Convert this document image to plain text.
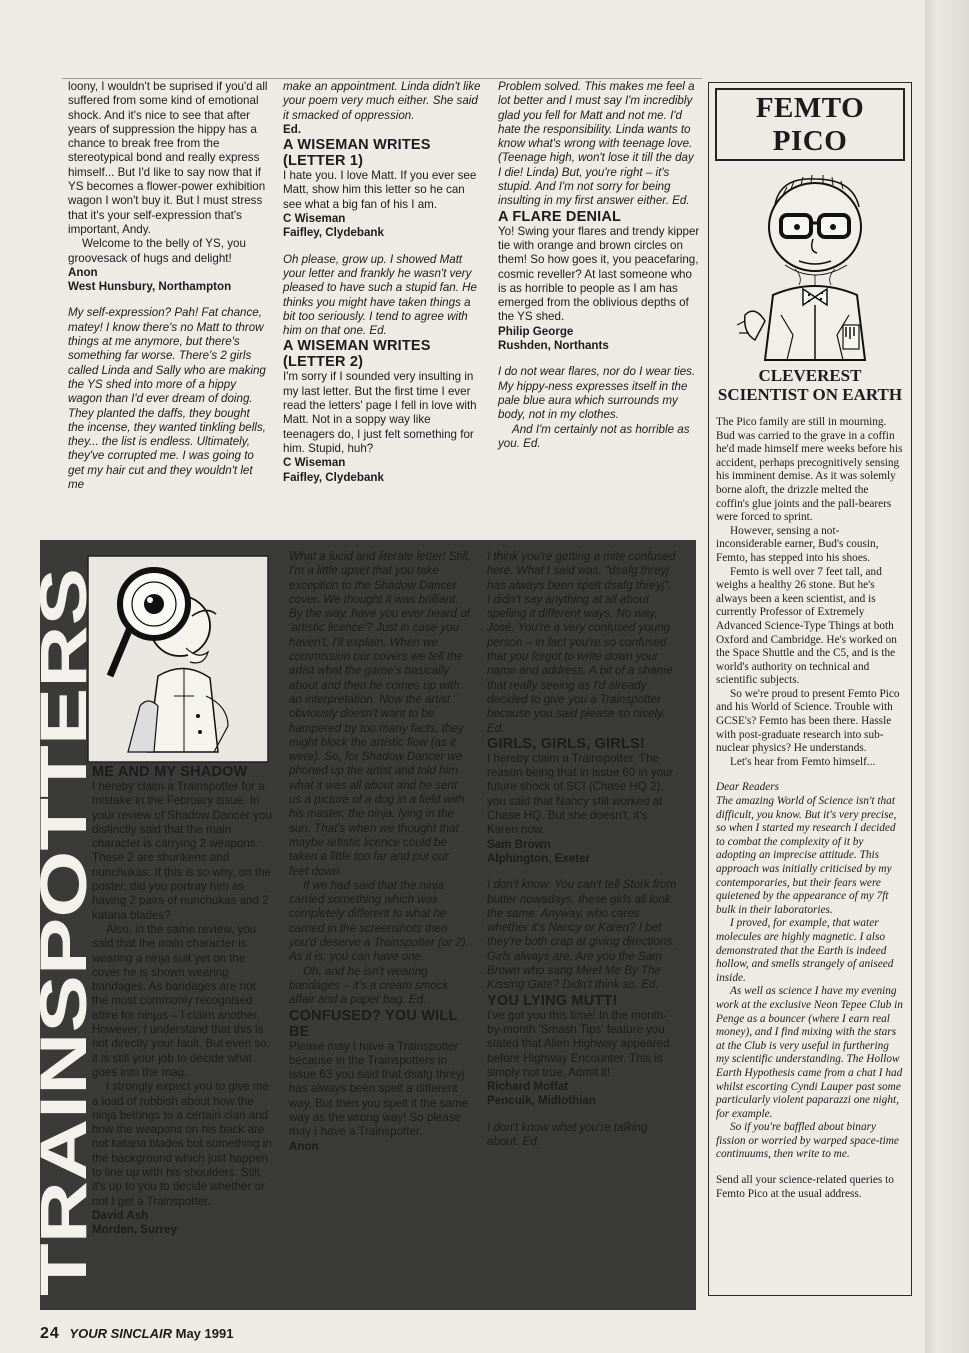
loony, I wouldn't be suprised if you'd all suffered from some kind of emotional shock. And it's nice to see that after years of suppression the hippy has a chance to break free from the stereotypical bond and really express himself... But I'd like to say now that if YS becomes a flower-power exhibition wagon I won't buy it. But I must stress that it's your self-expression that's important, Andy.

Welcome to the belly of YS, you groovesack of hugs and delight!

Anon

West Hunsbury, Northampton

My self-expression? Pah! Fat chance, matey! I know there's no Matt to throw things at me anymore, but there's something far worse. There's 2 girls called Linda and Sally who are making the YS shed into more of a hippy wagon than I'd ever dream of doing. They planted the daffs, they bought the incense, they wanted tinkling bells, they... the list is endless. Ultimately, they've corrupted me. I was going to get my hair cut and they wouldn't let me

make an appointment. Linda didn't like your poem very much either. She said it smacked of oppression.

Ed.

A WISEMAN WRITES (LETTER 1)

I hate you. I love Matt. If you ever see Matt, show him this letter so he can see what a big fan of his I am.

C Wiseman

Faifley, Clydebank

Oh please, grow up. I showed Matt your letter and frankly he wasn't very pleased to have such a stupid fan. He thinks you might have taken things a bit too seriously. I tend to agree with him on that one. Ed.

A WISEMAN WRITES (LETTER 2)

I'm sorry if I sounded very insulting in my last letter. But the first time I ever read the letters' page I fell in love with Matt. Not in a soppy way like teenagers do, I just felt something for him. Stupid, huh?

C Wiseman

Faifley, Clydebank

Problem solved. This makes me feel a lot better and I must say I'm incredibly glad you fell for Matt and not me. I'd hate the responsibility. Linda wants to know what's wrong with teenage love. (Teenage high, won't lose it till the day I die! Linda) But, you're right – it's stupid. And I'm not sorry for being insulting in my first answer either. Ed.

A FLARE DENIAL

Yo! Swing your flares and trendy kipper tie with orange and brown circles on them! So how goes it, you peacefaring, cosmic reveller? At last someone who is as horrible to people as I am has emerged from the oblivious depths of the YS shed.

Philip George

Rushden, Northants

I do not wear flares, nor do I wear ties. My hippy-ness expresses itself in the pale blue aura which surrounds my body, not in my clothes.

And I'm certainly not as horrible as you. Ed.

FEMTO PICO
CLEVEREST SCIENTIST ON EARTH

The Pico family are still in mourning. Bud was carried to the grave in a coffin he'd made himself mere weeks before his accident, perhaps precognitively sensing his imminent demise. As it was solemly borne aloft, the drizzle melted the coffin's glue joints and the pall-bearers were forced to sprint.

However, sensing a not-inconsiderable earner, Bud's cousin, Femto, has stepped into his shoes.

Femto is well over 7 feet tall, and weighs a healthy 26 stone. But he's always been a keen scientist, and is currently Professor of Extremely Advanced Science-Type Things at both Oxford and Cambridge. He's worked on the Space Shuttle and the C5, and is the world's authority on technical and scientific subjects.

So we're proud to present Femto Pico and his World of Science. Trouble with GCSE's? Femto has been there. Hassle with post-graduate research into sub-nuclear physics? He understands.

Let's hear from Femto himself...

Dear Readers

The amazing World of Science isn't that difficult, you know. But it's very precise, so when I started my research I decided to combat the complexity of it by adopting an imprecise attitude. This approach was initially criticised by my contemporaries, but their fears were quietened by the appearance of my 7ft bulk in their laboratories.

I proved, for example, that water molecules are highly magnetic. I also demonstrated that the Earth is indeed hollow, and smells strangely of aniseed inside.

As well as science I have my evening work at the exclusive Neon Tepee Club in Penge as a bouncer (where I earn real money), and I find mixing with the stars at the Club is very useful in furthering my scientific understanding. The Hollow Earth Hypothesis came from a chat I had whilst escorting Cyndi Lauper past some particularly violent paparazzi one night, for example.

So if you're baffled about binary fission or worried by warped space-time continuums, then write to me.

Send all your science-related queries to Femto Pico at the usual address.

TRAINSPOTTERS

ME AND MY SHADOW

I hereby claim a Trainspotter for a mistake in the February issue. In your review of Shadow Dancer you distinctly said that the main character is carrying 2 weapons. These 2 are shurikens and nunchukas. If this is so why, on the poster, did you portray him as having 2 pairs of nunchukas and 2 katana blades?

Also, in the same review, you said that the main character is wearing a ninja suit yet on the cover he is shown wearing bandages. As bandages are not the most commonly recognised attire for ninjas – I claim another. However, I understand that this is not directly your fault. But even so, it is still your job to decide what goes into the mag.

I strongly expect you to give me a load of rubbish about how the ninja belongs to a certain clan and how the weapons on his back are not katana blades but something in the background which just happen to line up with his shoulders. Still, it's up to you to decide whether or not I get a Trainspotter.

David Ash

Morden, Surrey

What a lucid and literate letter! Still, I'm a little upset that you take exception to the Shadow Dancer cover. We thought it was brilliant. By the way, have you ever heard of 'artistic licence'? Just in case you haven't, I'll explain. When we commission our covers we tell the artist what the game's basically about and then he comes up with an interpretation. Now the artist obviously doesn't want to be hampered by too many facts, they might block the artistic flow (as it were). So, for Shadow Dancer we phoned up the artist and told him what it was all about and he sent us a picture of a dog in a field with his master, the ninja, lying in the sun. That's when we thought that maybe artistic licence could be taken a little too far and put our feet down.

If we had said that the ninja carried something which was completely different to what he carried in the screenshots then you'd deserve a Trainspotter (or 2). As it is, you can have one.

Oh, and he isn't wearing bandages – it's a cream smock affair and a paper bag. Ed.

CONFUSED? YOU WILL BE

Please may I have a Trainspotter because in the Trainspotters in issue 63 you said that dsafg threyj has always been spelt a different way. But then you spelt it the same way as the wrong way! So please may I have a Trainspotter.

Anon

I think you're getting a mite confused here. What I said was, "dsafg threyj has always been spelt dsafg threyj". I didn't say anything at all about spelling it different ways. No way, José. You're a very confused young person – in fact you're so confused that you forgot to write down your name and address. A bit of a shame that really seeing as I'd already decided to give you a Trainspotter because you said please so nicely. Ed.

GIRLS, GIRLS, GIRLS!

I hereby claim a Trainspotter. The reason being that in issue 60 in your future shock of SCI (Chase HQ 2), you said that Nancy still worked at Chase HQ. But she doesn't, it's Karen now.

Sam Brown

Alphington, Exeter

I don't know. You can't tell Stork from butter nowadays, these girls all look the same. Anyway, who cares whether it's Nancy or Karen? I bet they're both crap at giving directions. Girls always are. Are you the Sam Brown who sang Meet Me By The Kissing Gate? Didn't think so. Ed.

YOU LYING MUTT!

I've got you this time! In the month-by-month 'Smash Tips' feature you stated that Alien Highway appeared before Highway Encounter. This is simply not true. Admit it!

Richard Moffat

Pencuik, Midlothian

I don't know what you're talking about. Ed.

24 YOUR SINCLAIR May 1991
